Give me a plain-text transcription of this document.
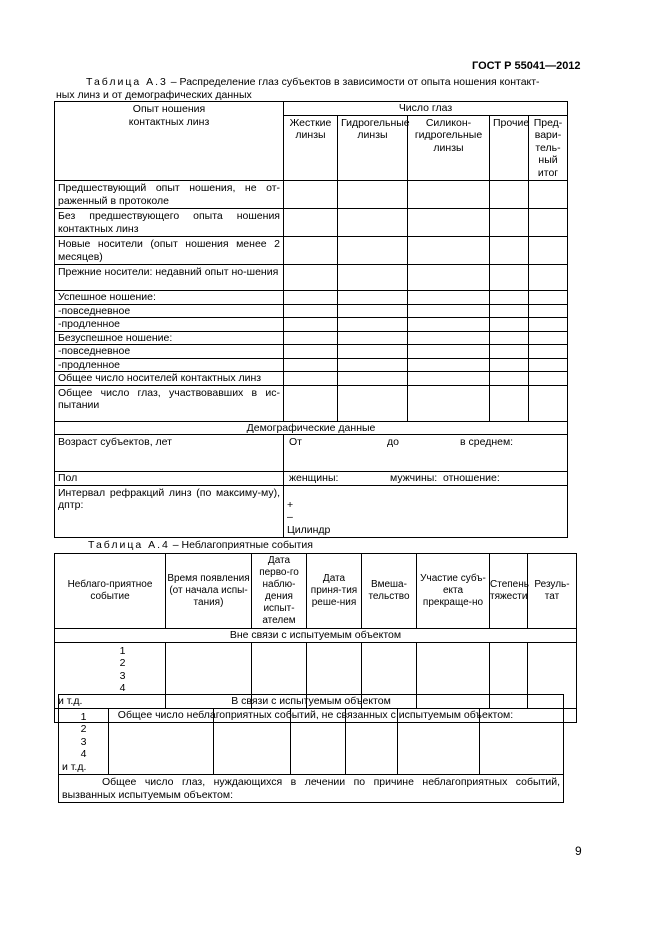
ГОСТ Р 55041—2012
Таблица А.3 – Распределение глаз субъектов в зависимости от опыта ношения контакт-
ных линз и от демографических данных
Опыт ношения
контактных линз	Число глаз				
	Жесткие линзы	Гидрогельные линзы	Силикон-гидрогельные линзы	Прочие	Пред-вари-тель-ный итог
Предшествующий опыт ношения, не от-раженный в протоколе					
Без предшествующего опыта ношения контактных линз					
Новые носители (опыт ношения менее 2 месяцев)					
Прежние носители: недавний опыт но-шения					
Успешное ношение:					
-повседневное					
-продленное					
Безуспешное ношение:					
-повседневное					
-продленное					
Общее число носителей контактных линз					
Общее число глаз, участвовавших в ис-пытании					
Демографические данные					
Возраст субъектов, лет	От до в среднем:				

Пол	женщины: мужчины: отношение:				

Интервал рефракций линз (по максиму-му), дптр:	+
–
Цилиндр				
Таблица А.4 – Неблагоприятные события
Неблаго-приятное событие	Время появления (от начала испы-тания)	Дата перво-го наблю-дения испыт-ателем	Дата приня-тия реше-ния	Вмеша-тельство	Участие субъ-екта прекраще-но	Степень тяжести	Резуль-тат
Вне связи с испытуемым объектом							

1
2
3
4
и т.д.							

Общее число неблагоприятных событий, не связанных с испытуемым объектом:							
В связи с испытуемым объектом

1
2
3
4
и т.д.

Общее число глаз, нуждающихся в лечении по причине неблагоприятных событий, вызванных испытуемым объектом:
9
